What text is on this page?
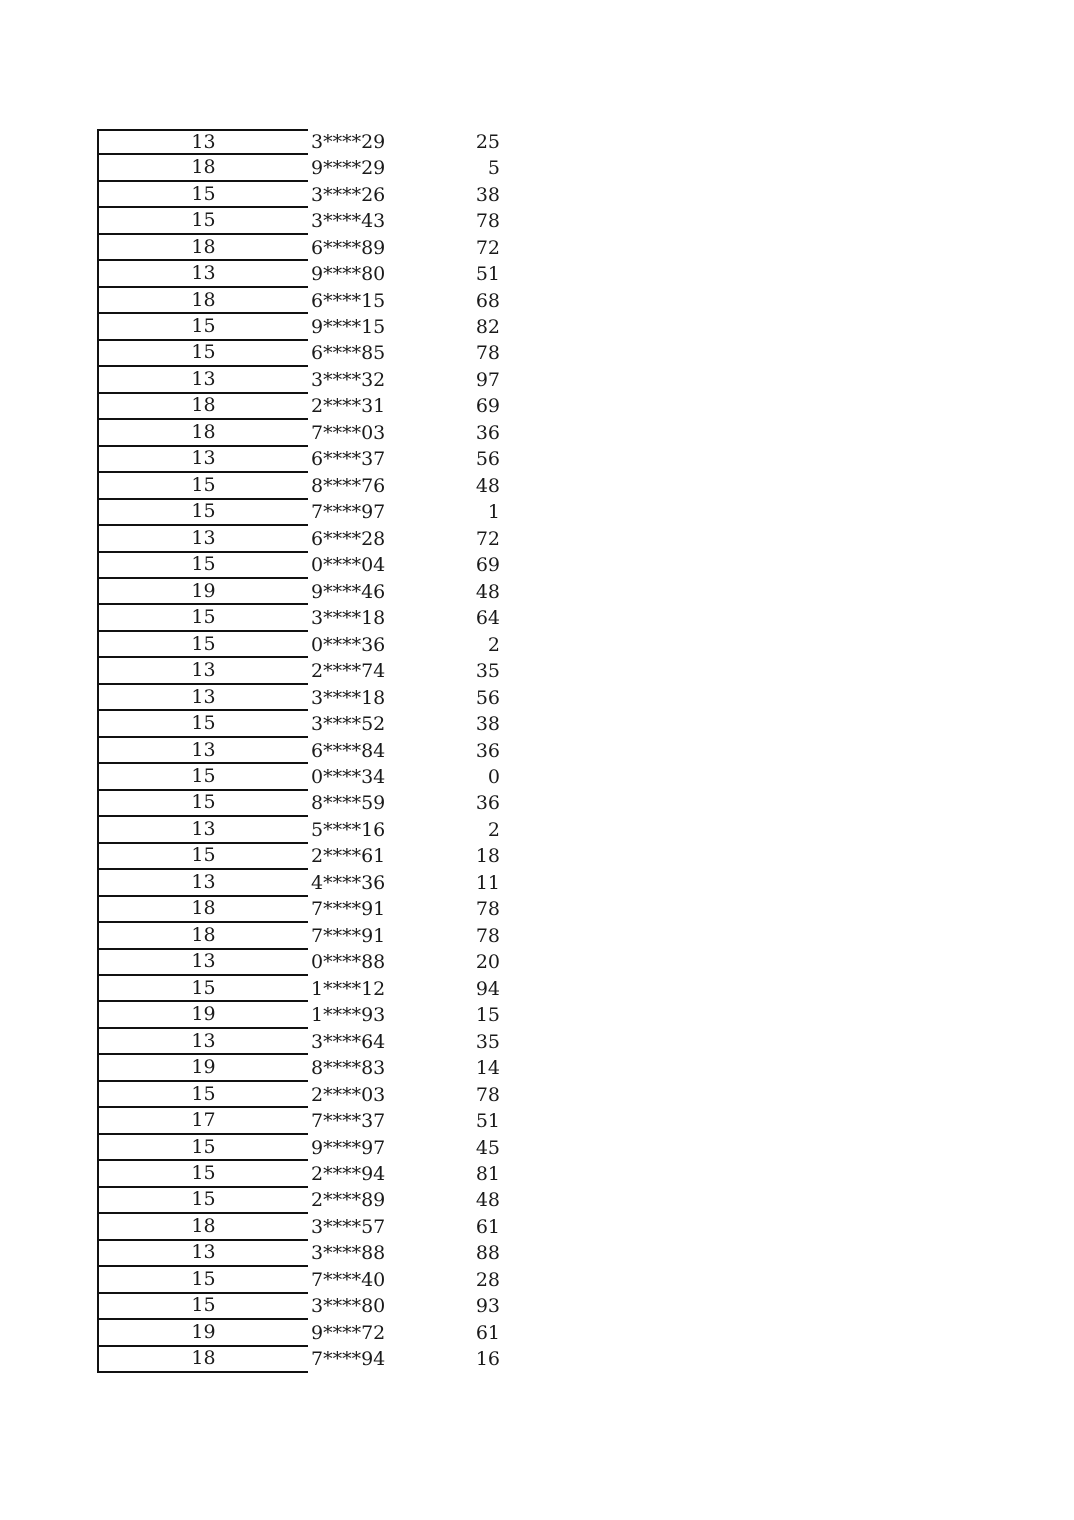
13	3****29	25
18	9****29	5
15	3****26	38
15	3****43	78
18	6****89	72
13	9****80	51
18	6****15	68
15	9****15	82
15	6****85	78
13	3****32	97
18	2****31	69
18	7****03	36
13	6****37	56
15	8****76	48
15	7****97	1
13	6****28	72
15	0****04	69
19	9****46	48
15	3****18	64
15	0****36	2
13	2****74	35
13	3****18	56
15	3****52	38
13	6****84	36
15	0****34	0
15	8****59	36
13	5****16	2
15	2****61	18
13	4****36	11
18	7****91	78
18	7****91	78
13	0****88	20
15	1****12	94
19	1****93	15
13	3****64	35
19	8****83	14
15	2****03	78
17	7****37	51
15	9****97	45
15	2****94	81
15	2****89	48
18	3****57	61
13	3****88	88
15	7****40	28
15	3****80	93
19	9****72	61
18	7****94	16
